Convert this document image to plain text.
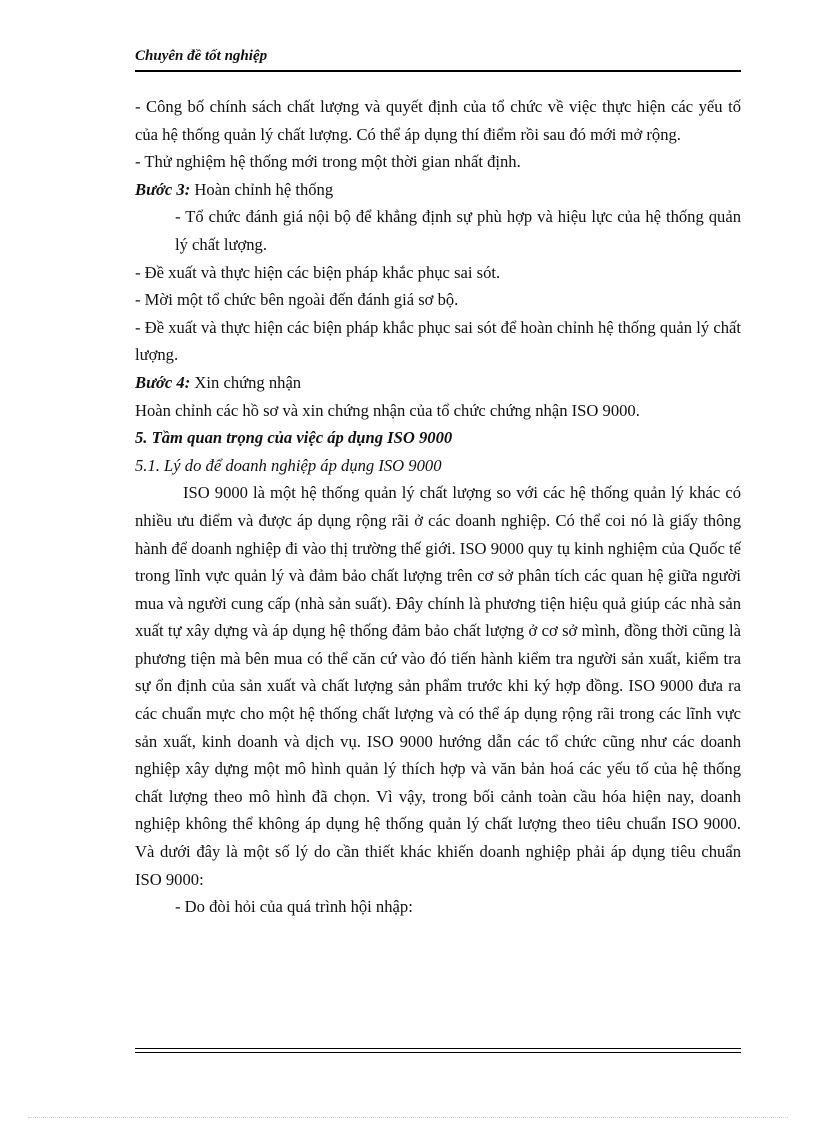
Chuyên đề tốt nghiệp

- Công bố chính sách chất lượng và quyết định của tổ chức về việc thực hiện các yếu tố của hệ thống quản lý chất lượng. Có thể áp dụng thí điểm rồi sau đó mới mở rộng.

- Thử nghiệm hệ thống mới trong một thời gian nhất định.

Bước 3: Hoàn chỉnh hệ thống

- Tổ chức đánh giá nội bộ để khẳng định sự phù hợp và hiệu lực của hệ thống quản lý chất lượng.

- Đề xuất và thực hiện các biện pháp khắc phục sai sót.

- Mời một tổ chức bên ngoài đến đánh giá sơ bộ.

- Đề xuất và thực hiện các biện pháp khắc phục sai sót để hoàn chỉnh hệ thống quản lý chất lượng.

Bước 4: Xin chứng nhận

Hoàn chỉnh các hồ sơ và xin chứng nhận của tổ chức chứng nhận ISO 9000.

5. Tầm quan trọng của việc áp dụng ISO 9000

5.1. Lý do để doanh nghiệp áp dụng ISO 9000

ISO 9000 là một hệ thống quản lý chất lượng so với các hệ thống quản lý khác có nhiều ưu điểm và được áp dụng rộng rãi ở các doanh nghiệp. Có thể coi nó là giấy thông hành để doanh nghiệp đi vào thị trường thế giới. ISO 9000 quy tụ kinh nghiệm của Quốc tế trong lĩnh vực quản lý và đảm bảo chất lượng trên cơ sở phân tích các quan hệ giữa người mua và người cung cấp (nhà sản suất). Đây chính là phương tiện hiệu quả giúp các nhà sản xuất tự xây dựng và áp dụng hệ thống đảm bảo chất lượng ở cơ sở mình, đồng thời cũng là phương tiện mà bên mua có thể căn cứ vào đó tiến hành kiểm tra người sản xuất, kiểm tra sự ổn định của sản xuất và chất lượng sản phẩm trước khi ký hợp đồng. ISO 9000 đưa ra các chuẩn mực cho một hệ thống chất lượng và có thể áp dụng rộng rãi trong các lĩnh vực sản xuất, kinh doanh và dịch vụ. ISO 9000 hướng dẫn các tổ chức cũng như các doanh nghiệp xây dựng một mô hình quản lý thích hợp và văn bản hoá các yếu tố của hệ thống chất lượng theo mô hình đã chọn. Vì vậy, trong bối cảnh toàn cầu hóa hiện nay, doanh nghiệp không thể không áp dụng hệ thống quản lý chất lượng theo tiêu chuẩn ISO 9000. Và dưới đây là một số lý do cần thiết khác khiến doanh nghiệp phải áp dụng tiêu chuẩn ISO 9000:

- Do đòi hỏi của quá trình hội nhập:
